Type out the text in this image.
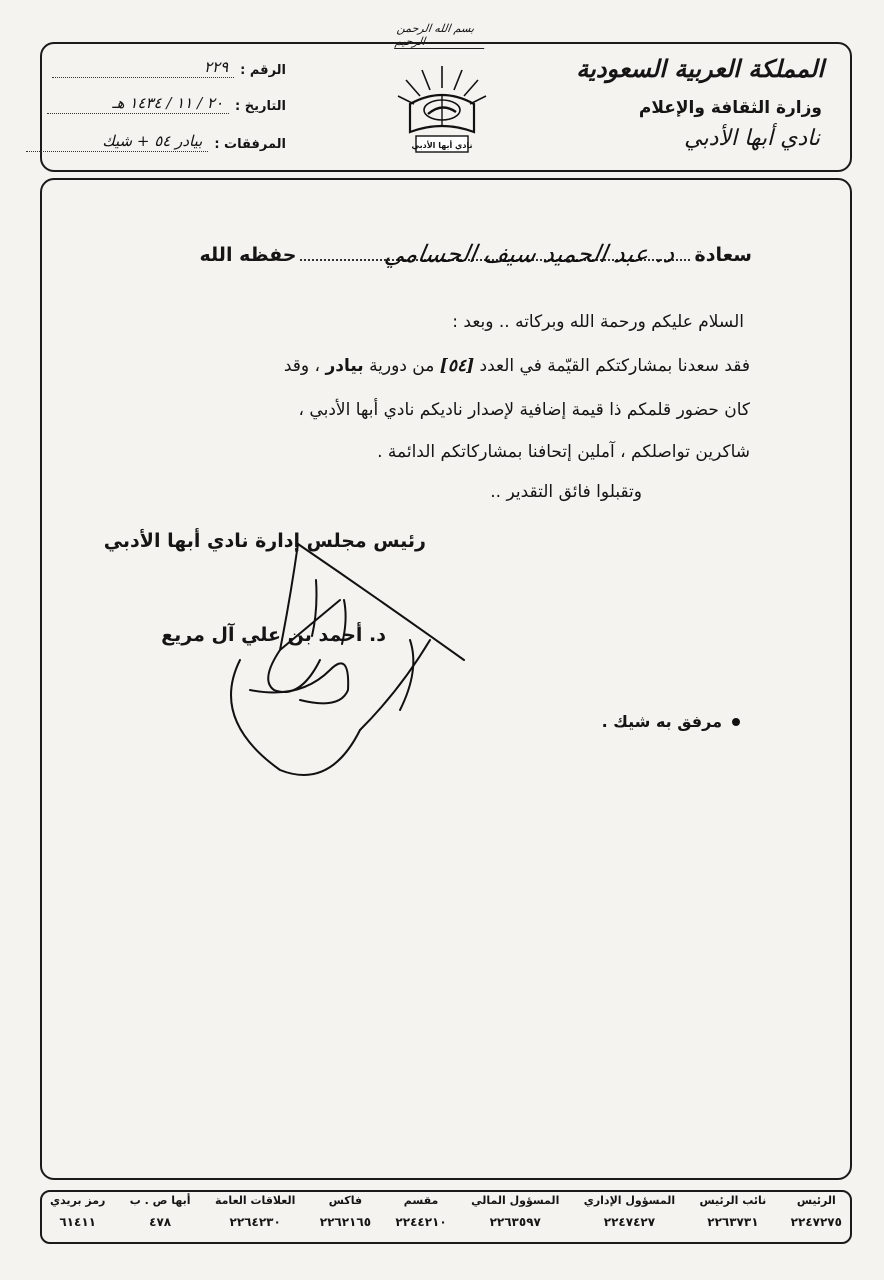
بسم الله الرحمن الرحيم
المملكة العربية السعودية
وزارة الثقافة والإعلام
نادي أبها الأدبي
نادي أبها الأدبي
الرقم :
٢٢٩
التاريخ :
٢٠ / ١١ / ١٤٣٤ هـ
المرفقات :
بيادر ٥٤ + شيك
سعادة
حفظه الله	د. عبد الحميد سيف الحسامي
السلام عليكم ورحمة الله وبركاته .. وبعد :
فقد سعدنا بمشاركتكم القيّمة في العدد [٥٤] من دورية بيادر ، وقد
كان حضور قلمكم ذا قيمة إضافية لإصدار ناديكم نادي أبها الأدبي ،
شاكرين تواصلكم ، آملين إتحافنا بمشاركاتكم الدائمة .
وتقبلوا فائق التقدير ..
رئيس مجلس إدارة نادي أبها الأدبي
د. أحمد بن علي آل مريع
مرفق به شيك .
الرئيس
٢٢٤٧٢٧٥
نائب الرئيس
٢٢٦٣٧٣١
المسؤول الإداري
٢٢٤٧٤٢٧
المسؤول المالي
٢٢٦٣٥٩٧
مقسم
٢٢٤٤٢١٠
فاكس
٢٢٦٢١٦٥
العلاقات العامة
٢٢٦٤٢٣٠
أبها ص . ب
٤٧٨
رمز بريدي
٦١٤١١
